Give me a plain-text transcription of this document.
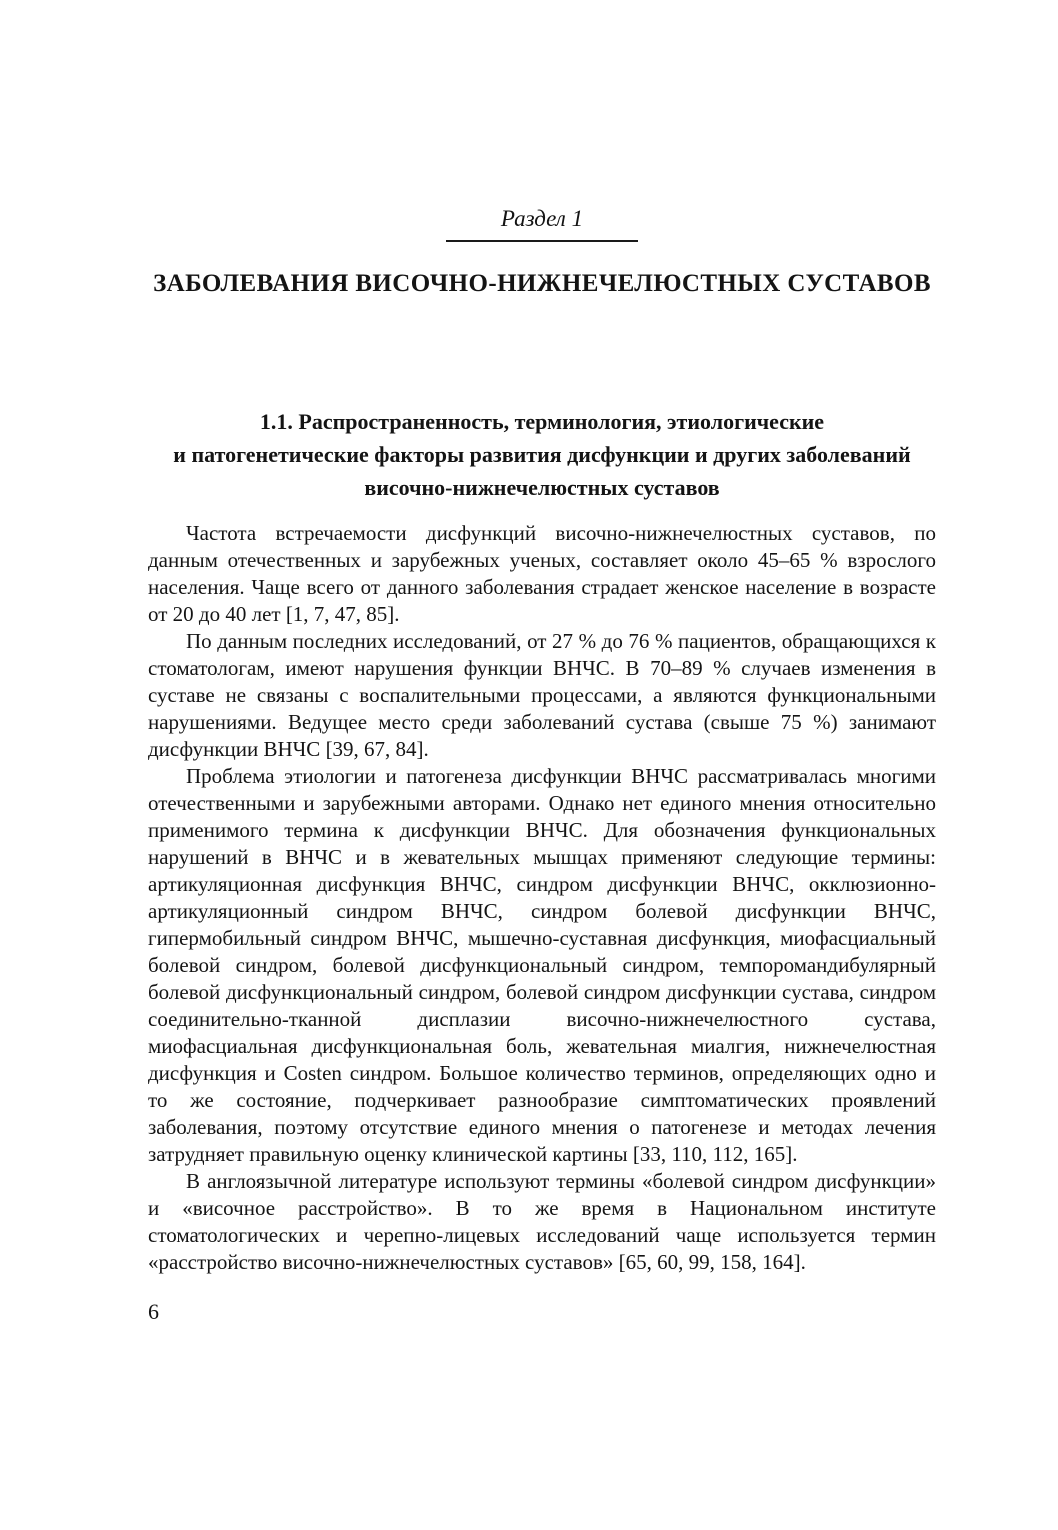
Раздел 1
ЗАБОЛЕВАНИЯ ВИСОЧНО-НИЖНЕЧЕЛЮСТНЫХ СУСТАВОВ
1.1. Распространенность, терминология, этиологические
и патогенетические факторы развития дисфункции и других заболеваний
височно-нижнечелюстных суставов

Частота встречаемости дисфункций височно-нижнечелюстных суставов, по данным отечественных и зарубежных ученых, составляет около 45–65 % взрослого населения. Чаще всего от данного заболевания страдает женское население в возрасте от 20 до 40 лет [1, 7, 47, 85].

По данным последних исследований, от 27 % до 76 % пациентов, обращающихся к стоматологам, имеют нарушения функции ВНЧС. В 70–89 % случаев изменения в суставе не связаны с воспалительными процессами, а являются функциональными нарушениями. Ведущее место среди заболеваний сустава (свыше 75 %) занимают дисфункции ВНЧС [39, 67, 84].

Проблема этиологии и патогенеза дисфункции ВНЧС рассматривалась многими отечественными и зарубежными авторами. Однако нет единого мнения относительно применимого термина к дисфункции ВНЧС. Для обозначения функциональных нарушений в ВНЧС и в жевательных мышцах применяют следующие термины: артикуляционная дисфункция ВНЧС, синдром дисфункции ВНЧС, окклюзионно-артикуляционный синдром ВНЧС, синдром болевой дисфункции ВНЧС, гипермобильный синдром ВНЧС, мышечно-суставная дисфункция, миофасциальный болевой синдром, болевой дисфункциональный синдром, темпоромандибулярный болевой дисфункциональный синдром, болевой синдром дисфункции сустава, синдром соединительно-тканной дисплазии височно-нижнечелюстного сустава, миофасциальная дисфункциональная боль, жевательная миалгия, нижнечелюстная дисфункция и Costen синдром. Большое количество терминов, определяющих одно и то же состояние, подчеркивает разнообразие симптоматических проявлений заболевания, поэтому отсутствие единого мнения о патогенезе и методах лечения затрудняет правильную оценку клинической картины [33, 110, 112, 165].

В англоязычной литературе используют термины «болевой синдром дисфункции» и «височное расстройство». В то же время в Национальном институте стоматологических и черепно-лицевых исследований чаще используется термин «расстройство височно-нижнечелюстных суставов» [65, 60, 99, 158, 164].

6
